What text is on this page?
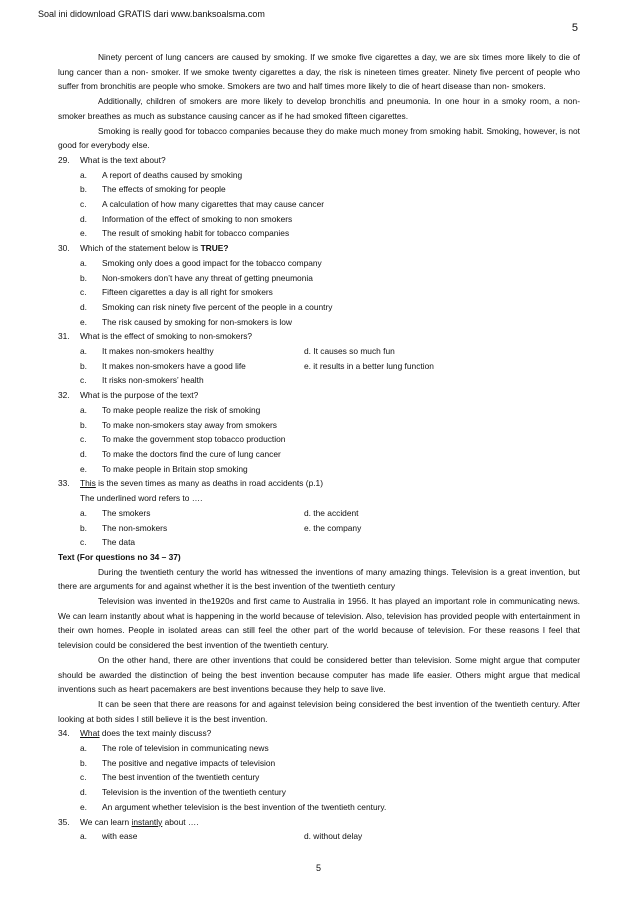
Soal ini didownload GRATIS dari www.banksoalsma.com
5
Ninety percent of lung cancers are caused by smoking. If we smoke five cigarettes a day, we are six times more likely to die of lung cancer than a non- smoker. If we smoke twenty cigarettes a day, the risk is nineteen times greater. Ninety five percent of people who suffer from bronchitis are people who smoke. Smokers are two and half times more likely to die of heart disease than non- smokers.
Additionally, children of smokers are more likely to develop bronchitis and pneumonia. In one hour in a smoky room, a non-smoker breathes as much as substance causing cancer as if he had smoked fifteen cigarettes.
Smoking is really good for tobacco companies because they do make much money from smoking habit. Smoking, however, is not good for everybody else.
29.	What is the text about?
a.	A report of deaths caused by smoking
b.	The effects of smoking for people
c.	A calculation of how many cigarettes that may cause cancer
d.	Information of the effect of smoking to non smokers
e.	The result of smoking habit for tobacco companies
30.	Which of the statement below is TRUE?
a.	Smoking only does a good impact for the tobacco company
b.	Non-smokers don’t have any threat of getting pneumonia
c.	Fifteen cigarettes a day is all right for smokers
d.	Smoking can risk ninety five percent of the people in a country
e.	The risk caused by smoking for non-smokers is low
31.	What is the effect of smoking to non-smokers?
a.	It makes non-smokers healthy	d. It causes so much fun
b.	It makes non-smokers have a good life	e. it results in a better lung function
c.	It risks non-smokers’ health
32.	What is the purpose of the text?
a.	To make people realize the risk of smoking
b.	To make non-smokers stay away from smokers
c.	To make the government stop tobacco production
d.	To make the doctors find the cure of lung cancer
e.	To make people in Britain stop smoking
33.	This is the seven times as many as deaths in road accidents (p.1)
The underlined word refers to ….
a.	The smokers	d. the accident
b.	The non-smokers	e. the company
c.	The data
Text (For questions no 34 – 37)
During the twentieth century the world has witnessed the inventions of many amazing things. Television is a great invention, but there are arguments for and against whether it is the best invention of the twentieth century
Television was invented in the1920s and first came to Australia in 1956. It has played an important role in communicating news. We can learn instantly about what is happening in the world because of television. Also, television has provided people with entertainment in their own homes. People in isolated areas can still feel the other part of the world because of television. For these reasons I feel that television could be considered the best invention of the twentieth century.
On the other hand, there are other inventions that could be considered better than television. Some might argue that computer should be awarded the distinction of being the best invention because computer has made life easier. Others might argue that medical inventions such as heart pacemakers are best inventions because they help to save live.
It can be seen that there are reasons for and against television being considered the best invention of the twentieth century. After looking at both sides I still believe it is the best invention.
34.	What does the text mainly discuss?
a.	The role of television in communicating news
b.	The positive and negative impacts of television
c.	The best invention of the twentieth century
d.	Television is the invention of the twentieth century
e.	An argument whether television is the best invention of the twentieth century.
35.	We can learn instantly about ….
a.	with ease	d. without delay
5
